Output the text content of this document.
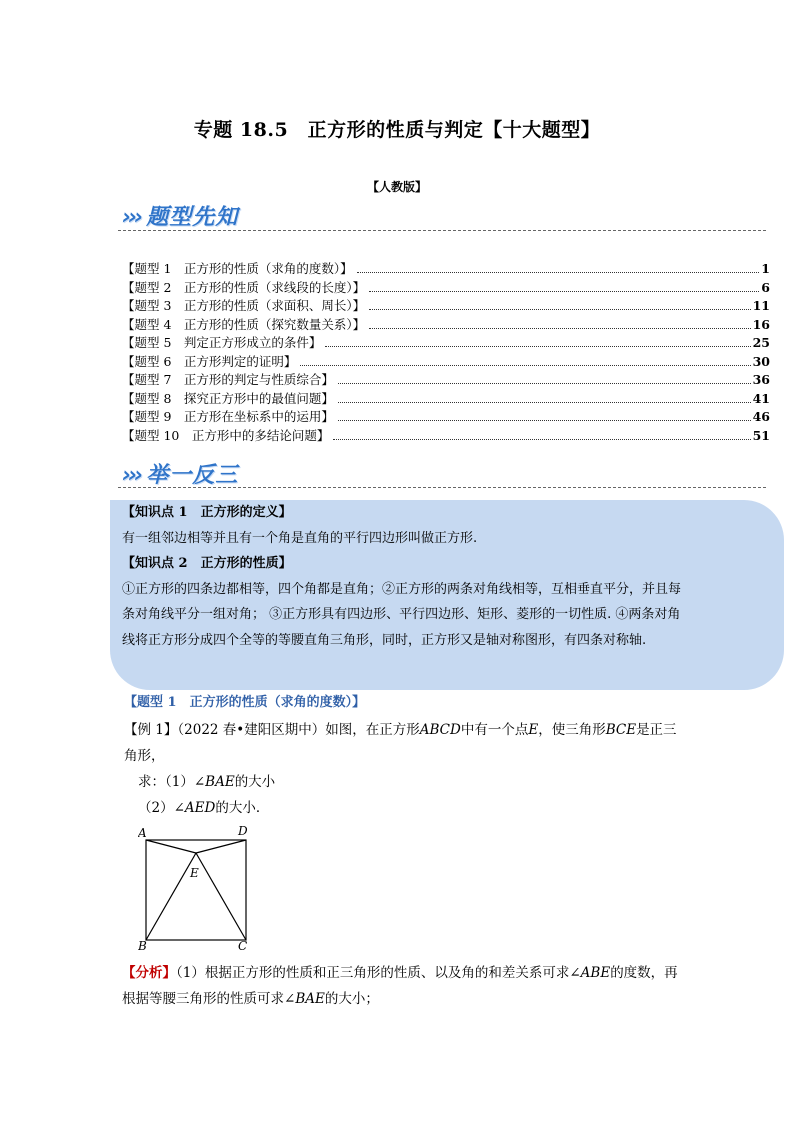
专题 18.5　正方形的性质与判定【十大题型】
【人教版】
››› 题型先知
【题型 1　正方形的性质（求角的度数）】	1
【题型 2　正方形的性质（求线段的长度）】	6
【题型 3　正方形的性质（求面积、周长）】	11
【题型 4　正方形的性质（探究数量关系）】	16
【题型 5　判定正方形成立的条件】	25
【题型 6　正方形判定的证明】	30
【题型 7　正方形的判定与性质综合】	36
【题型 8　探究正方形中的最值问题】	41
【题型 9　正方形在坐标系中的运用】	46
【题型 10　正方形中的多结论问题】	51
››› 举一反三
【知识点 1　正方形的定义】
有一组邻边相等并且有一个角是直角的平行四边形叫做正方形.
【知识点 2　正方形的性质】
①正方形的四条边都相等，四个角都是直角；②正方形的两条对角线相等，互相垂直平分，并且每条对角线平分一组对角； ③正方形具有四边形、平行四边形、矩形、菱形的一切性质. ④两条对角线将正方形分成四个全等的等腰直角三角形，同时，正方形又是轴对称图形，有四条对称轴.
【题型 1　正方形的性质（求角的度数）】
【例 1】（2022 春•建阳区期中）如图，在正方形ABCD中有一个点E，使三角形BCE是正三角形，
求：（1）∠BAE的大小
（2）∠AED的大小．
A	D
E
B	C
【分析】（1）根据正方形的性质和正三角形的性质、以及角的和差关系可求∠ABE的度数，再根据等腰三角形的性质可求∠BAE的大小；
